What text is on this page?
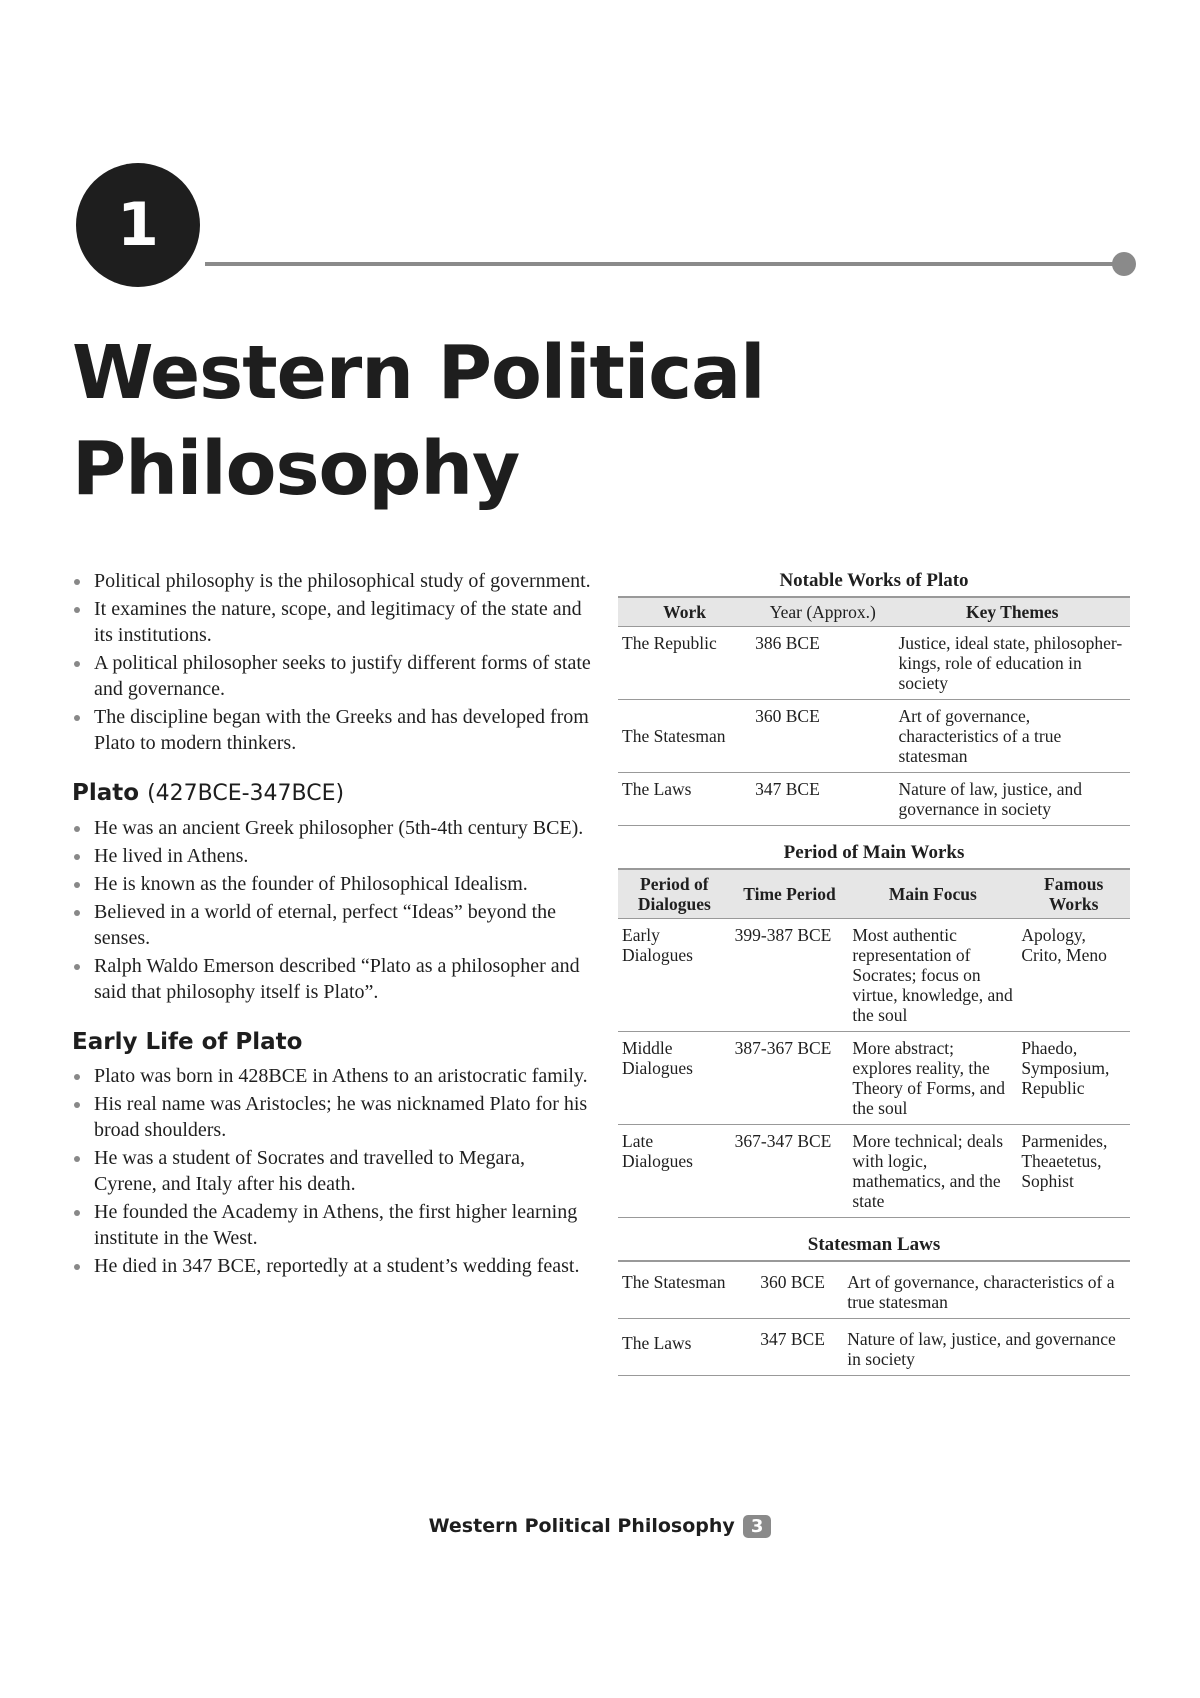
1
Western Political Philosophy
Political philosophy is the philosophical study of government.
It examines the nature, scope, and legitimacy of the state and its institutions.
A political philosopher seeks to justify different forms of state and governance.
The discipline began with the Greeks and has developed from Plato to modern thinkers.
Plato (427BCE-347BCE)
He was an ancient Greek philosopher (5th-4th century BCE).
He lived in Athens.
He is known as the founder of Philosophical Idealism.
Believed in a world of eternal, perfect “Ideas” beyond the senses.
Ralph Waldo Emerson described “Plato as a philosopher and said that philosophy itself is Plato”.
Early Life of Plato
Plato was born in 428BCE in Athens to an aristocratic family.
His real name was Aristocles; he was nicknamed Plato for his broad shoulders.
He was a student of Socrates and travelled to Megara, Cyrene, and Italy after his death.
He founded the Academy in Athens, the first higher learning institute in the West.
He died in 347 BCE, reportedly at a student’s wedding feast.
Notable Works of Plato
Work	Year (Approx.)	Key Themes
The Republic	386 BCE	Justice, ideal state, philosopher-kings, role of education in society
The Statesman	360 BCE	Art of governance, characteristics of a true statesman
The Laws	347 BCE	Nature of law, justice, and governance in society
Period of Main Works
Period of Dialogues	Time Period	Main Focus	Famous Works
Early Dialogues	399-387 BCE	Most authentic representation of Socrates; focus on virtue, knowledge, and the soul	Apology, Crito, Meno
Middle Dialogues	387-367 BCE	More abstract; explores reality, the Theory of Forms, and the soul	Phaedo, Symposium, Republic
Late Dialogues	367-347 BCE	More technical; deals with logic, mathematics, and the state	Parmenides, Theaetetus, Sophist
Statesman Laws
The Statesman	360 BCE	Art of governance, characteristics of a true statesman
The Laws	347 BCE	Nature of law, justice, and governance in society
Western Political Philosophy 3
